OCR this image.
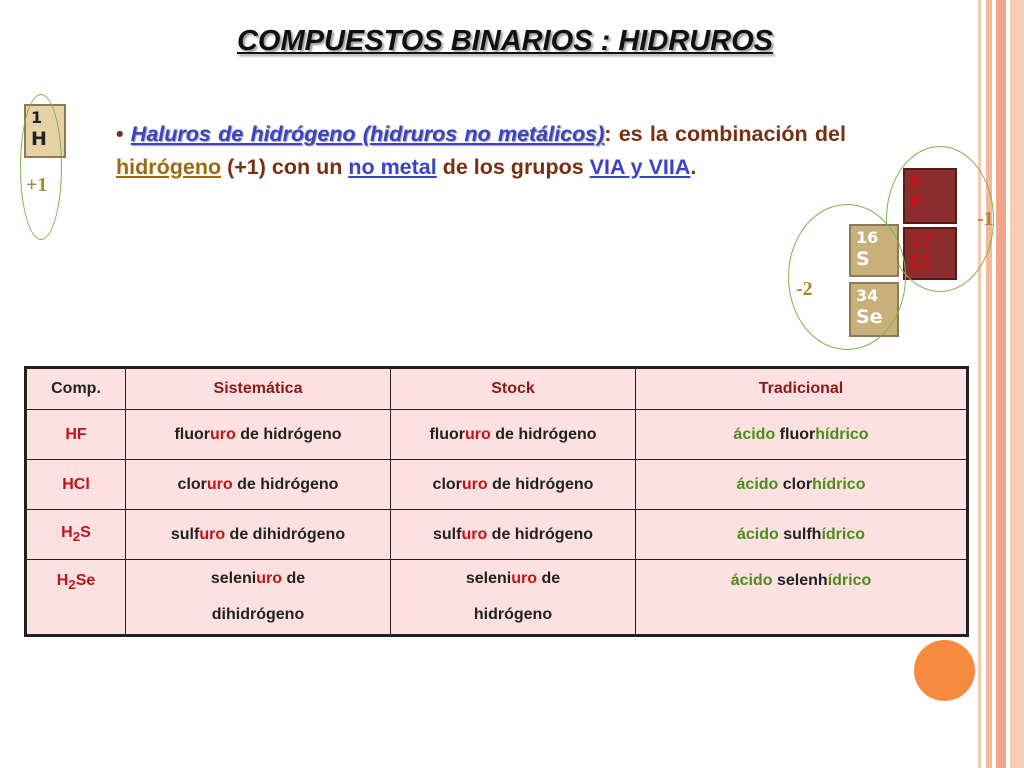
COMPUESTOS BINARIOS : HIDRUROS
1
H
+1
• Haluros de hidrógeno (hidruros no metálicos): es la combinación del hidrógeno (+1) con un no metal de los grupos VIA y VIIA.
9
F
17
Cl
-1
16
S
34
Se
-2
Comp.	Sistemática	Stock	Tradicional
HF	fluoruro de hidrógeno	fluoruro de hidrógeno	ácido fluorhídrico
HCl	cloruro de hidrógeno	cloruro de hidrógeno	ácido clorhídrico
$H_2S$	sulfuro de dihidrógeno	sulfuro de hidrógeno	ácido sulfhídrico
$H_2Se$	seleniuro de dihidrógeno	seleniuro de hidrógeno	ácido selenhídrico
